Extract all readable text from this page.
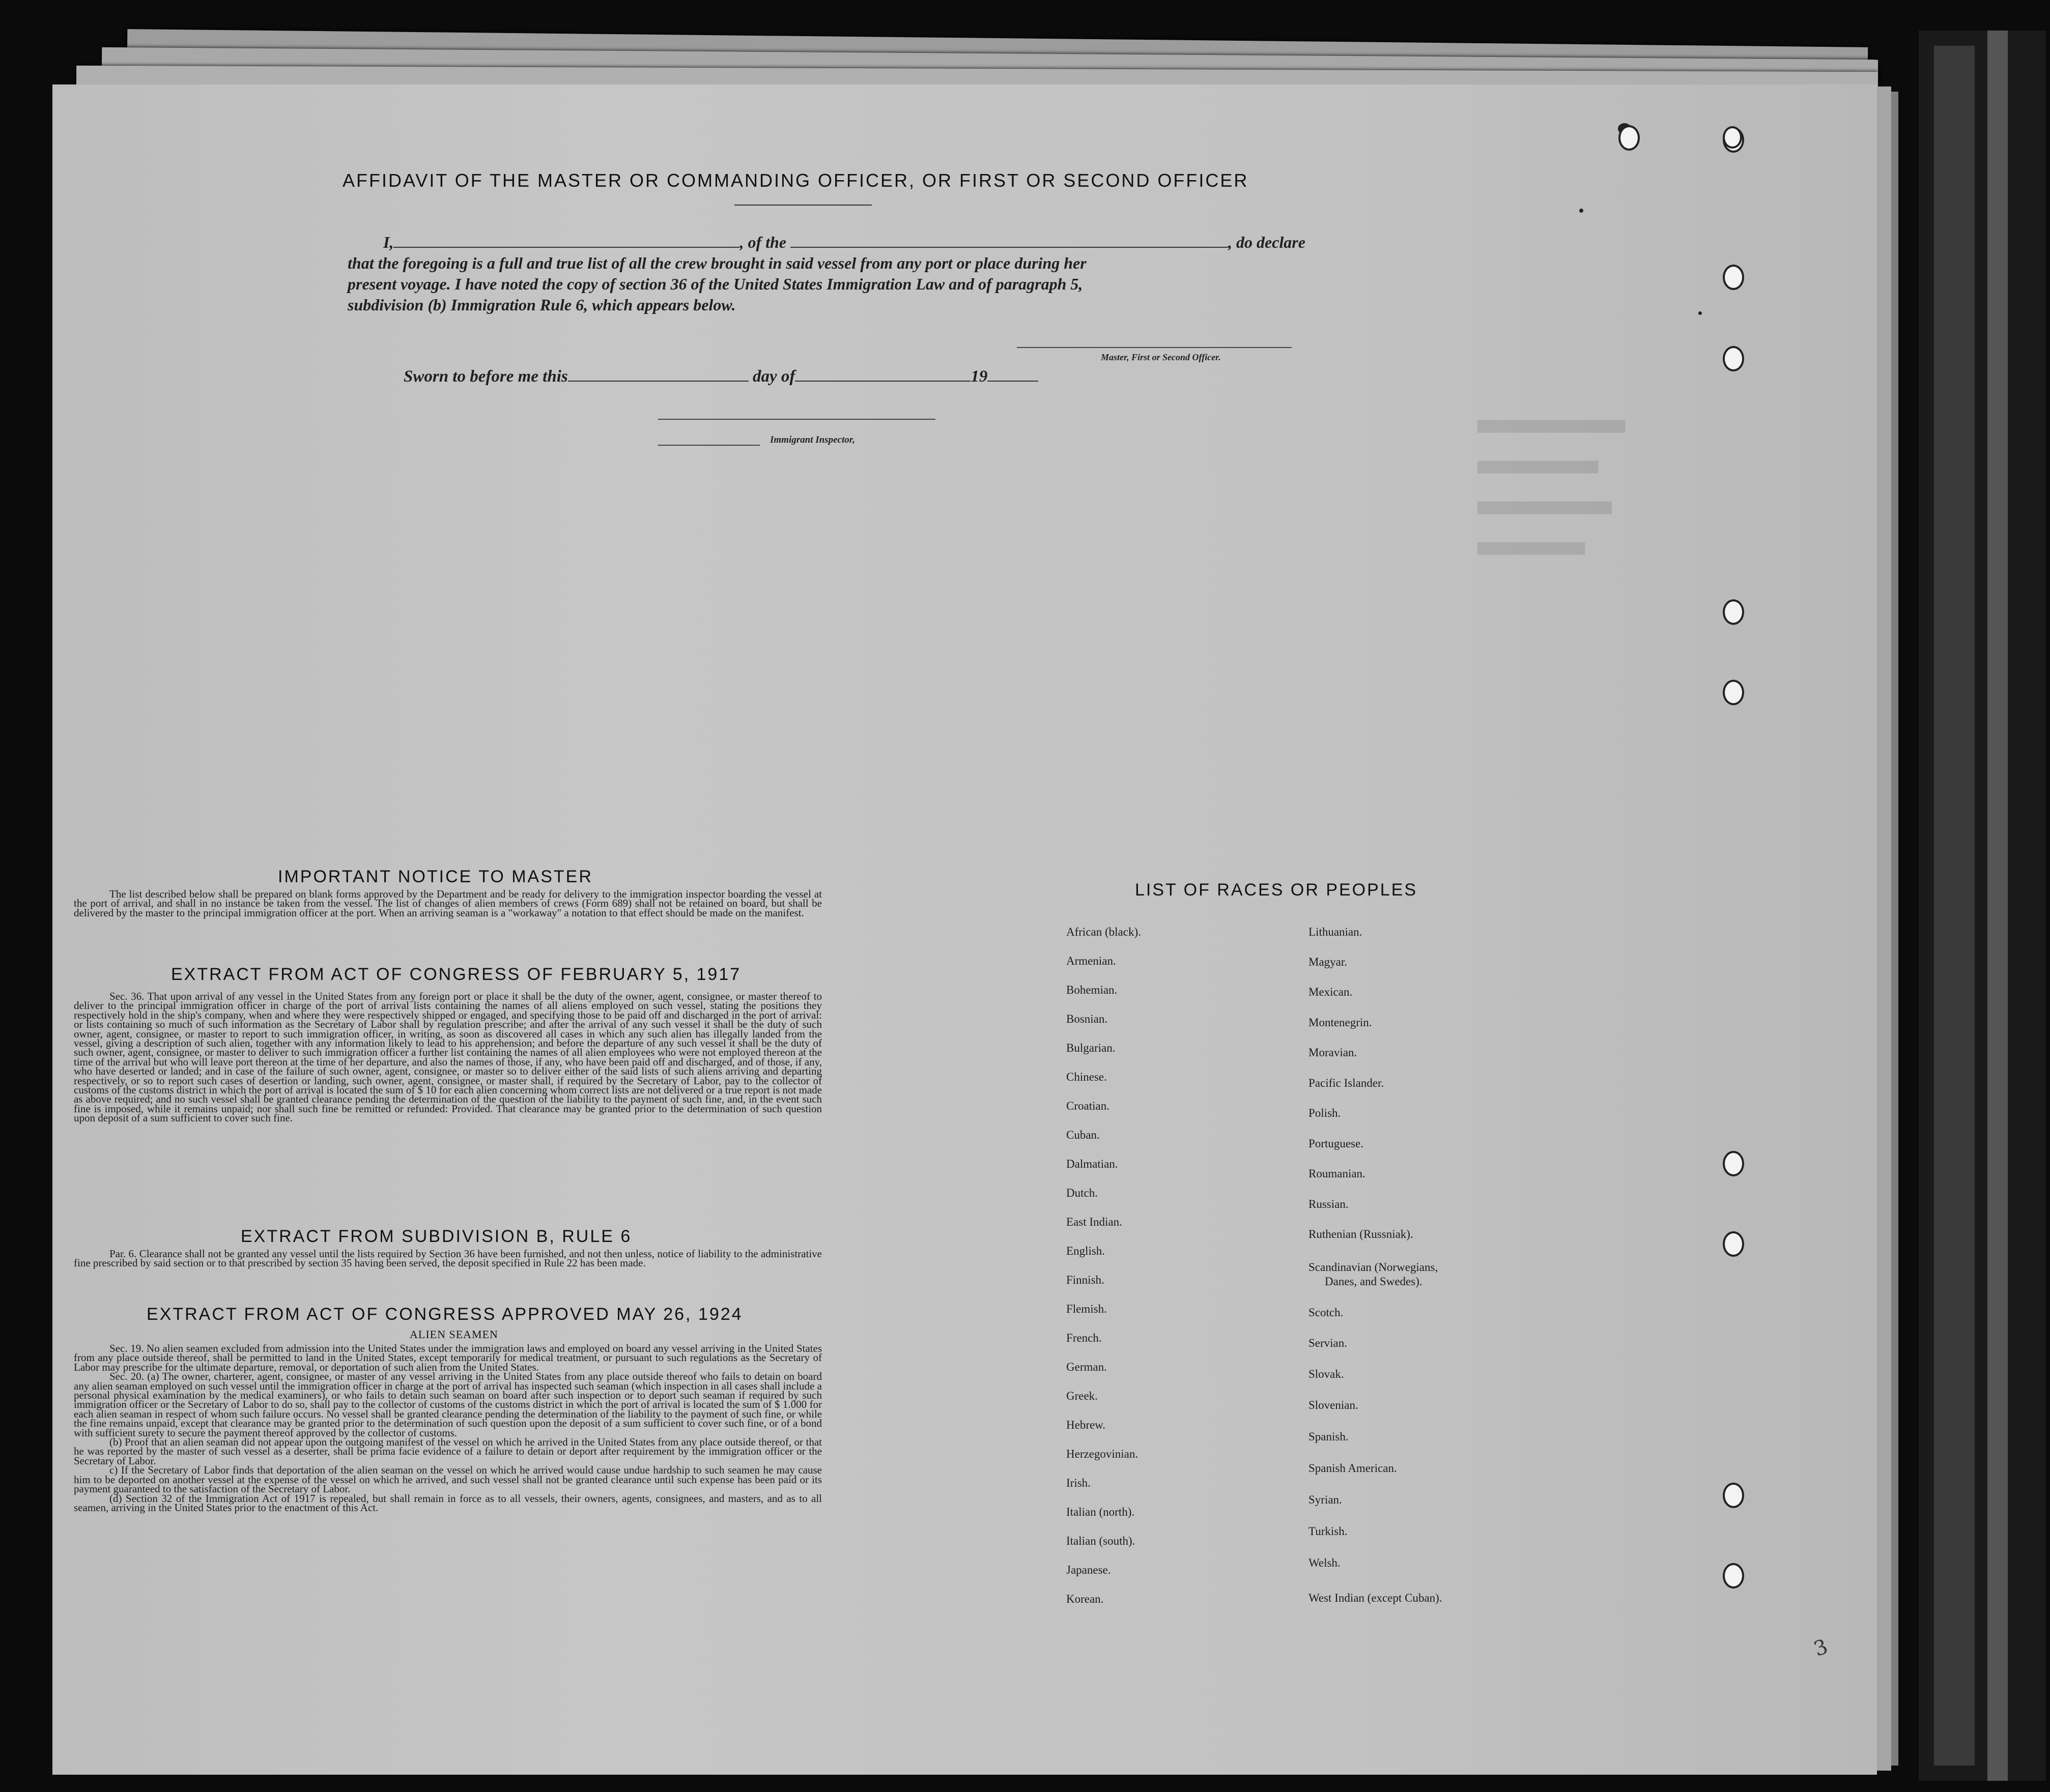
██████████████████████
██████████████████
████████████████████
████████████████
AFFIDAVIT OF THE MASTER OR COMMANDING OFFICER, OR FIRST OR SECOND OFFICER
I,	, of the	, do declare
that the foregoing is a full and true list of all the crew brought in said vessel from any port or place during her
present voyage. I have noted the copy of section 36 of the United States Immigration Law and of paragraph 5,
subdivision (b) Immigration Rule 6, which appears below.
Master, First or Second Officer.
Sworn to before me this	day of	19
Immigrant Inspector,
IMPORTANT NOTICE TO MASTER

The list described below shall be prepared on blank forms approved by the Department and be ready for delivery to the immigration inspector boarding the vessel at the port of arrival, and shall in no instance be taken from the vessel. The list of changes of alien members of crews (Form 689) shall not be retained on board, but shall be delivered by the master to the principal immigration officer at the port. When an arriving seaman is a "workaway" a notation to that effect should be made on the manifest.

EXTRACT FROM ACT OF CONGRESS OF FEBRUARY 5, 1917

Sec. 36. That upon arrival of any vessel in the United States from any foreign port or place it shall be the duty of the owner, agent, consignee, or master thereof to deliver to the principal immigration officer in charge of the port of arrival lists containing the names of all aliens employed on such vessel, stating the positions they respectively hold in the ship's company, when and where they were respectively shipped or engaged, and specifying those to be paid off and discharged in the port of arrival: or lists containing so much of such information as the Secretary of Labor shall by regulation prescribe; and after the arrival of any such vessel it shall be the duty of such owner, agent, consignee, or master to report to such immigration officer, in writing, as soon as discovered all cases in which any such alien has illegally landed from the vessel, giving a description of such alien, together with any information likely to lead to his apprehension; and before the departure of any such vessel it shall be the duty of such owner, agent, consignee, or master to deliver to such immigration officer a further list containing the names of all alien employees who were not employed thereon at the time of the arrival but who will leave port thereon at the time of her departure, and also the names of those, if any, who have been paid off and discharged, and of those, if any, who have deserted or landed; and in case of the failure of such owner, agent, consignee, or master so to deliver either of the said lists of such aliens arriving and departing respectively, or so to report such cases of desertion or landing, such owner, agent, consignee, or master shall, if required by the Secretary of Labor, pay to the collector of customs of the customs district in which the port of arrival is located the sum of $ 10 for each alien concerning whom correct lists are not delivered or a true report is not made as above required; and no such vessel shall be granted clearance pending the determination of the question of the liability to the payment of such fine, and, in the event such fine is imposed, while it remains unpaid; nor shall such fine be remitted or refunded: Provided. That clearance may be granted prior to the determination of such question upon deposit of a sum sufficient to cover such fine.

EXTRACT FROM SUBDIVISION B, RULE 6

Par. 6. Clearance shall not be granted any vessel until the lists required by Section 36 have been furnished, and not then unless, notice of liability to the administrative fine prescribed by said section or to that prescribed by section 35 having been served, the deposit specified in Rule 22 has been made.

EXTRACT FROM ACT OF CONGRESS APPROVED MAY 26, 1924
ALIEN SEAMEN

Sec. 19. No alien seamen excluded from admission into the United States under the immigration laws and employed on board any vessel arriving in the United States from any place outside thereof, shall be permitted to land in the United States, except temporarily for medical treatment, or pursuant to such regulations as the Secretary of Labor may prescribe for the ultimate departure, removal, or deportation of such alien from the United States.

Sec. 20. (a) The owner, charterer, agent, consignee, or master of any vessel arriving in the United States from any place outside thereof who fails to detain on board any alien seaman employed on such vessel until the immigration officer in charge at the port of arrival has inspected such seaman (which inspection in all cases shall include a personal physical examination by the medical examiners), or who fails to detain such seaman on board after such inspection or to deport such seaman if required by such immigration officer or the Secretary of Labor to do so, shall pay to the collector of customs of the customs district in which the port of arrival is located the sum of $ 1.000 for each alien seaman in respect of whom such failure occurs. No vessel shall be granted clearance pending the determination of the liability to the payment of such fine, or while the fine remains unpaid, except that clearance may be granted prior to the determination of such question upon the deposit of a sum sufficient to cover such fine, or of a bond with sufficient surety to secure the payment thereof approved by the collector of customs.

(b) Proof that an alien seaman did not appear upon the outgoing manifest of the vessel on which he arrived in the United States from any place outside thereof, or that he was reported by the master of such vessel as a deserter, shall be prima facie evidence of a failure to detain or deport after requirement by the immigration officer or the Secretary of Labor.

c) If the Secretary of Labor finds that deportation of the alien seaman on the vessel on which he arrived would cause undue hardship to such seamen he may cause him to be deported on another vessel at the expense of the vessel on which he arrived, and such vessel shall not be granted clearance until such expense has been paid or its payment guaranteed to the satisfaction of the Secretary of Labor.

(d) Section 32 of the Immigration Act of 1917 is repealed, but shall remain in force as to all vessels, their owners, agents, consignees, and masters, and as to all seamen, arriving in the United States prior to the enactment of this Act.

LIST OF RACES OR PEOPLES
African (black).
Armenian.
Bohemian.
Bosnian.
Bulgarian.
Chinese.
Croatian.
Cuban.
Dalmatian.
Dutch.
East Indian.
English.
Finnish.
Flemish.
French.
German.
Greek.
Hebrew.
Herzegovinian.
Irish.
Italian (north).
Italian (south).
Japanese.
Korean.
Lithuanian.
Magyar.
Mexican.
Montenegrin.
Moravian.
Pacific Islander.
Polish.
Portuguese.
Roumanian.
Russian.
Ruthenian (Russniak).
Scandinavian (Norwegians,
Danes, and Swedes).
Scotch.
Servian.
Slovak.
Slovenian.
Spanish.
Spanish American.
Syrian.
Turkish.
Welsh.
West Indian (except Cuban).
3
